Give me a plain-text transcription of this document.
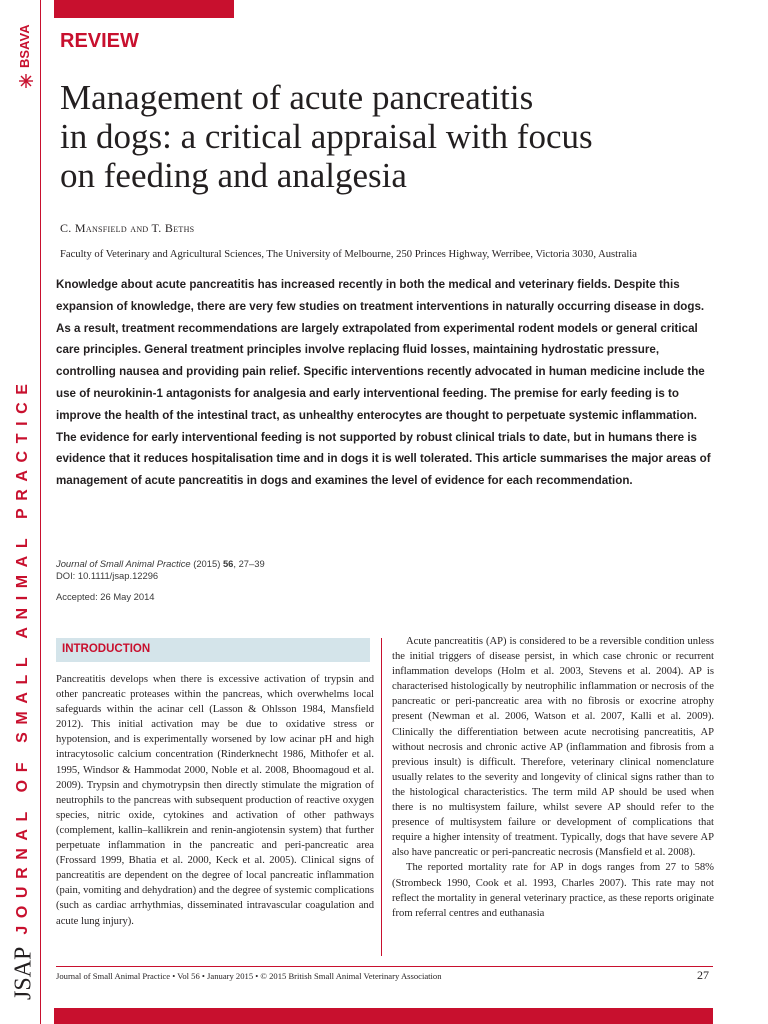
BSAVA
JSAP JOURNAL OF SMALL ANIMAL PRACTICE
REVIEW
Management of acute pancreatitis
in dogs: a critical appraisal with focus
on feeding and analgesia
C. Mansfield and T. Beths
Faculty of Veterinary and Agricultural Sciences, The University of Melbourne, 250 Princes Highway, Werribee, Victoria 3030, Australia

Knowledge about acute pancreatitis has increased recently in both the medical and veterinary fields. Despite this expansion of knowledge, there are very few studies on treatment interventions in naturally occurring disease in dogs. As a result, treatment recommendations are largely extrapolated from experimental rodent models or general critical care principles. General treatment principles involve replacing fluid losses, maintaining hydrostatic pressure, controlling nausea and providing pain relief. Specific interventions recently advocated in human medicine include the use of neurokinin-1 antagonists for analgesia and early interventional feeding. The premise for early feeding is to improve the health of the intestinal tract, as unhealthy enterocytes are thought to perpetuate systemic inflammation. The evidence for early interventional feeding is not supported by robust clinical trials to date, but in humans there is evidence that it reduces hospitalisation time and in dogs it is well tolerated. This article summarises the major areas of management of acute pancreatitis in dogs and examines the level of evidence for each recommendation.

Journal of Small Animal Practice (2015) 56, 27–39
DOI: 10.1111/jsap.12296
Accepted: 26 May 2014
INTRODUCTION

Pancreatitis develops when there is excessive activation of trypsin and other pancreatic proteases within the pancreas, which overwhelms local safeguards within the acinar cell (Lasson & Ohlsson 1984, Mansfield 2012). This initial activation may be due to oxidative stress or hypotension, and is experimentally worsened by low acinar pH and high intracytosolic calcium concentration (Rinderknecht 1986, Mithofer et al. 1995, Windsor & Hammodat 2000, Noble et al. 2008, Bhoomagoud et al. 2009). Trypsin and chymotrypsin then directly stimulate the migration of neutrophils to the pancreas with subsequent production of reactive oxygen species, nitric oxide, cytokines and activation of other pathways (complement, kallin–kallikrein and renin-angiotensin system) that further perpetuate inflammation in the pancreatic and peri-pancreatic area (Frossard 1999, Bhatia et al. 2000, Keck et al. 2005). Clinical signs of pancreatitis are dependent on the degree of local pancreatic inflammation (pain, vomiting and dehydration) and the degree of systemic complications (such as cardiac arrhythmias, disseminated intravascular coagulation and acute lung injury).

Acute pancreatitis (AP) is considered to be a reversible condition unless the initial triggers of disease persist, in which case chronic or recurrent inflammation develops (Holm et al. 2003, Stevens et al. 2004). AP is characterised histologically by neutrophilic inflammation or necrosis of the pancreatic or peri-pancreatic area with no fibrosis or exocrine atrophy present (Newman et al. 2006, Watson et al. 2007, Kalli et al. 2009). Clinically the differentiation between acute necrotising pancreatitis, AP without necrosis and chronic active AP (inflammation and fibrosis from a previous insult) is difficult. Therefore, veterinary clinical nomenclature usually relates to the severity and longevity of clinical signs rather than to the histological characteristics. The term mild AP should be used when there is no multisystem failure, whilst severe AP should refer to the presence of multisystem failure or development of complications that require a higher intensity of treatment. Typically, dogs that have severe AP also have pancreatic or peri-pancreatic necrosis (Mansfield et al. 2008).

The reported mortality rate for AP in dogs ranges from 27 to 58% (Strombeck 1990, Cook et al. 1993, Charles 2007). This rate may not reflect the mortality in general veterinary practice, as these reports originate from referral centres and euthanasia

Journal of Small Animal Practice • Vol 56 • January 2015 • © 2015 British Small Animal Veterinary Association	27
